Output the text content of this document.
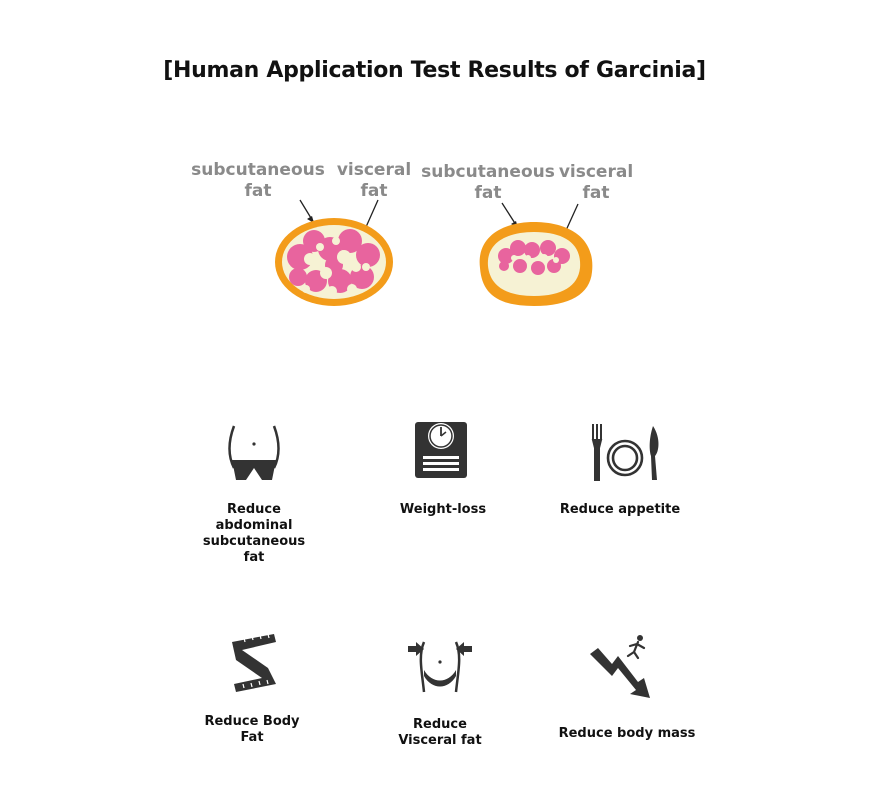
[Human Application Test Results of Garcinia]
subcutaneous fat
visceral fat
subcutaneous fat
visceral fat
Reduce abdominal subcutaneous fat
Weight-loss	Reduce appetite
Reduce Body Fat
Reduce Visceral fat	Reduce body mass
